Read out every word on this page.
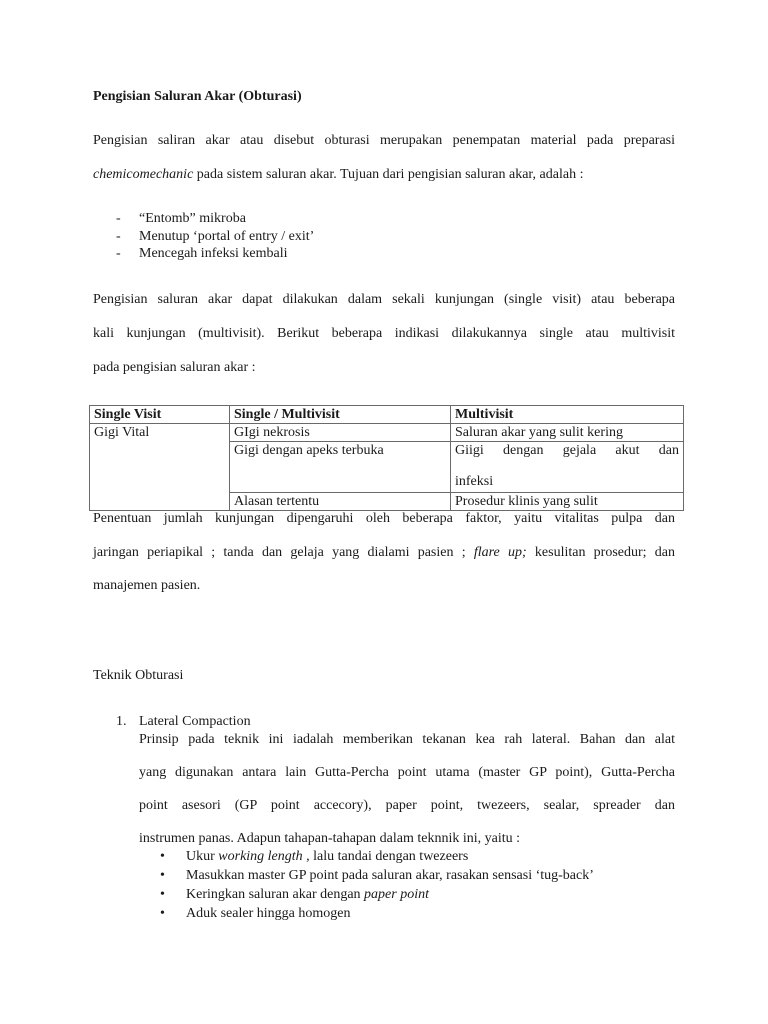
Pengisian Saluran Akar (Obturasi)
Pengisian saliran akar atau disebut obturasi merupakan penempatan material pada preparasi
chemicomechanic pada sistem saluran akar. Tujuan dari pengisian saluran akar, adalah :
- “Entomb” mikroba
- Menutup ‘portal of entry / exit’
- Mencegah infeksi kembali
Pengisian saluran akar dapat dilakukan dalam sekali kunjungan (single visit) atau beberapa
kali kunjungan (multivisit). Berikut beberapa indikasi dilakukannya single atau multivisit
pada pengisian saluran akar :
Single Visit	Single / Multivisit	Multivisit
Gigi Vital	GIgi nekrosis	Saluran akar yang sulit kering
	Gigi dengan apeks terbuka	Giigi dengan gejala akut dan
infeksi

	Alasan tertentu	Prosedur klinis yang sulit
Penentuan jumlah kunjungan dipengaruhi oleh beberapa faktor, yaitu vitalitas pulpa dan
jaringan periapikal ; tanda dan gelaja yang dialami pasien ; flare up; kesulitan prosedur; dan
manajemen pasien.
Teknik Obturasi
1. Lateral Compaction
Prinsip pada teknik ini iadalah memberikan tekanan kea rah lateral. Bahan dan alat
yang digunakan antara lain Gutta-Percha point utama (master GP point), Gutta-Percha
point asesori (GP point accecory), paper point, twezeers, sealar, spreader dan
instrumen panas. Adapun tahapan-tahapan dalam teknnik ini, yaitu :
• Ukur working length , lalu tandai dengan twezeers
• Masukkan master GP point pada saluran akar, rasakan sensasi ‘tug-back’
• Keringkan saluran akar dengan paper point
• Aduk sealer hingga homogen
